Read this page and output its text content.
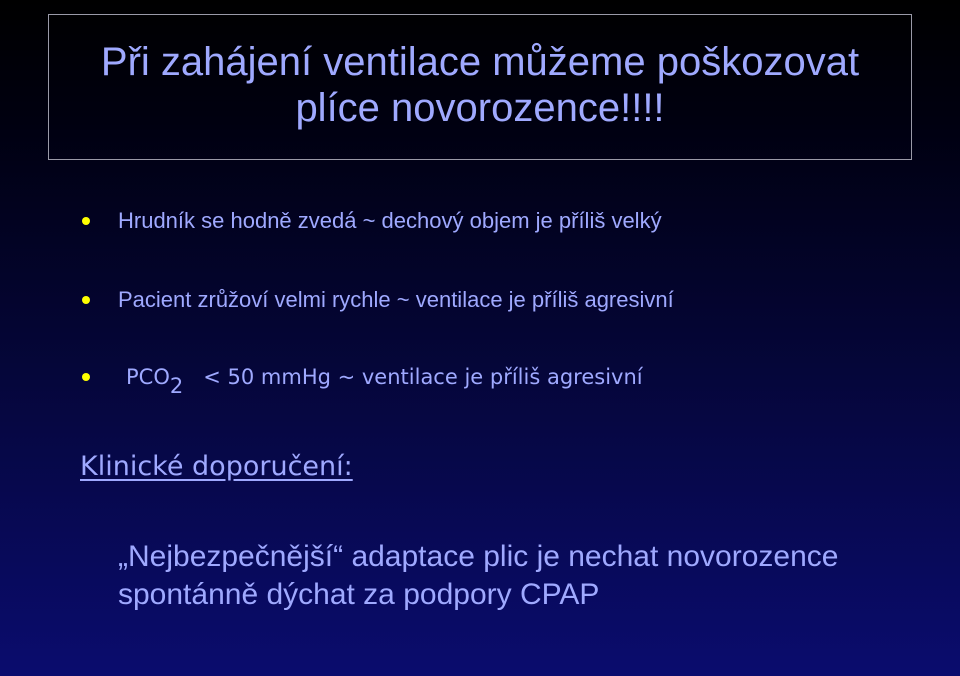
Při zahájení ventilace můžeme poškozovat
plíce novorozence!!!!
Hrudník se hodně zvedá ~ dechový objem je příliš velký
Pacient zrůžoví velmi rychle ~ ventilace je příliš agresivní
PCO2 < 50 mmHg ~ ventilace je příliš agresivní
Klinické doporučení:
„Nejbezpečnější“ adaptace plic je nechat novorozence
spontánně dýchat za podpory CPAP
